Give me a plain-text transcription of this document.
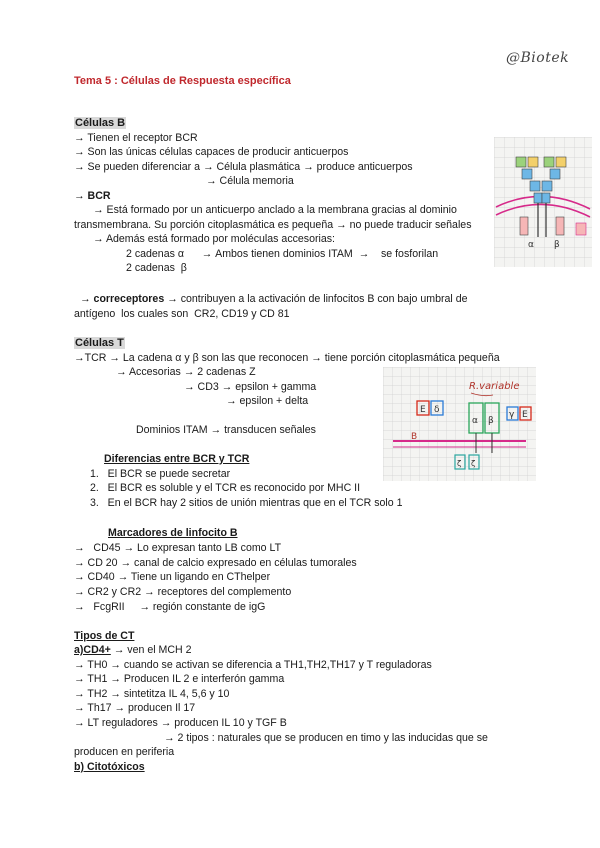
@Biotek
Tema 5 : Células de Respuesta específica
Células B
→ Tienen el receptor BCR
→ Son las únicas células capaces de producir anticuerpos
→ Se pueden diferenciar a → Célula plasmática → produce anticuerpos
→ Célula memoria
→ BCR
→ Está formado por un anticuerpo anclado a la membrana gracias al dominio
transmembrana. Su porción citoplasmática es pequeña → no puede traducir señales
→ Además está formado por moléculas accesorias:
2 cadenas α      → Ambos tienen dominios ITAM  →    se fosforilan
2 cadenas  β
→ correceptores → contribuyen a la activación de linfocitos B con bajo umbral de
antígeno  los cuales son  CR2, CD19 y CD 81
Células T
→TCR → La cadena α y β son las que reconocen → tiene porción citoplasmática pequeña
→ Accesorias → 2 cadenas Z
→ CD3 → epsilon + gamma
→ epsilon + delta
Dominios ITAM → transducen señales
Diferencias entre BCR y TCR
1.   El BCR se puede secretar
2.   El BCR es soluble y el TCR es reconocido por MHC II
3.   En el BCR hay 2 sitios de unión mientras que en el TCR solo 1
Marcadores de linfocito B
→   CD45 → Lo expresan tanto LB como LT
→ CD 20 → canal de calcio expresado en células tumorales
→ CD40 → Tiene un ligando en CThelper
→ CR2 y CR2 → receptores del complemento
→   FcgRII     → región constante de igG
Tipos de CT
a)CD4+ → ven el MCH 2
→ TH0 → cuando se activan se diferencia a TH1,TH2,TH17 y T reguladoras
→ TH1 → Producen IL 2 e interferón gamma
→ TH2 → sintetitza IL 4, 5,6 y 10
→ Th17 → producen Il 17
→ LT reguladores → producen IL 10 y TGF B
→ 2 tipos : naturales que se producen en timo y las inducidas que se
producen en periferia
b) Citotóxicos
α β
R.variable
E δ
α β
γ E
B
ζ ζ
